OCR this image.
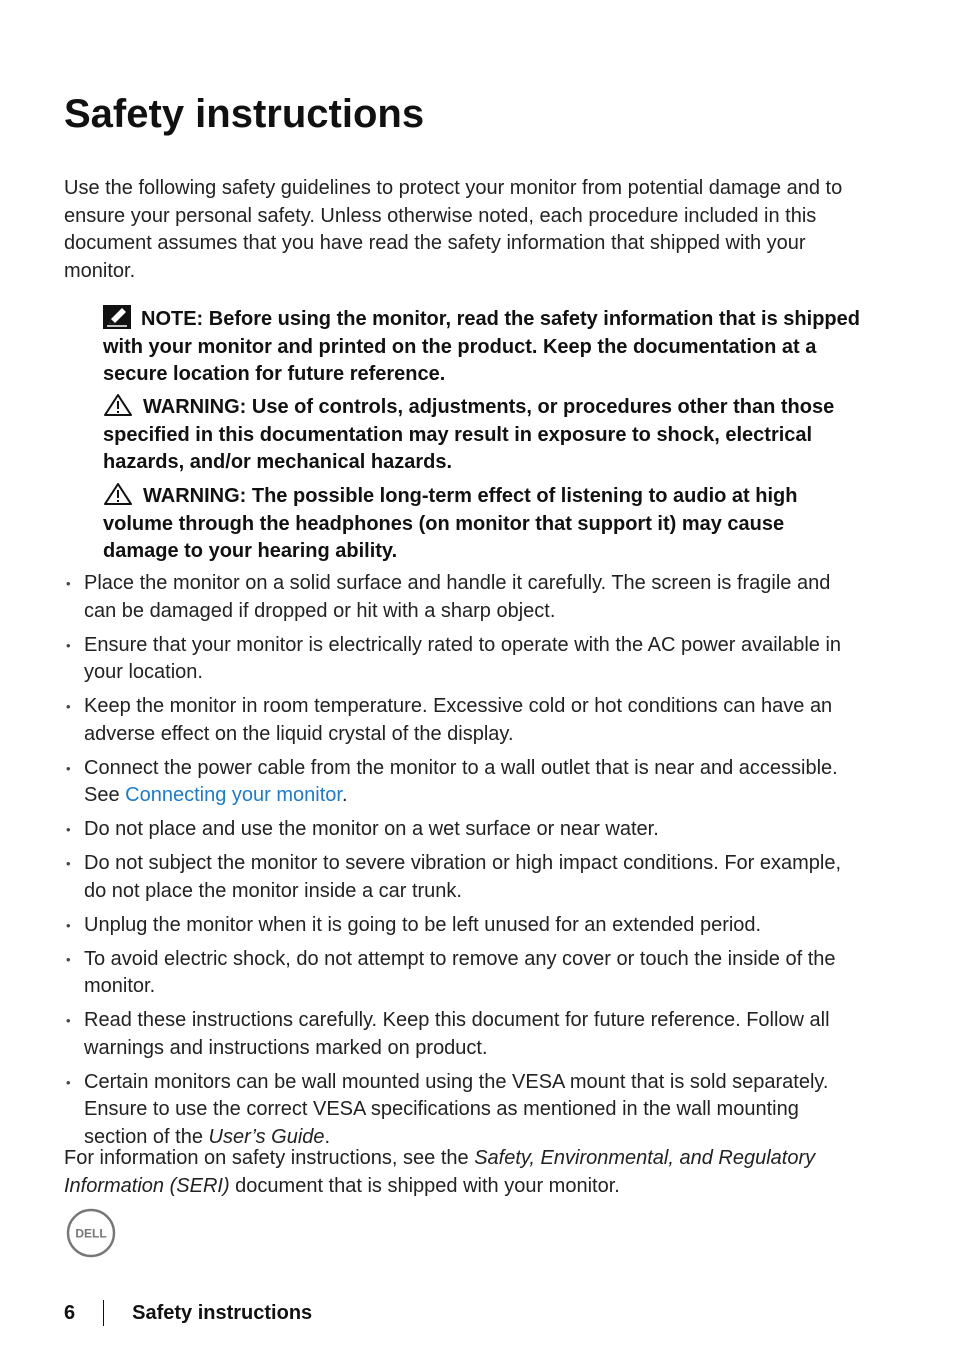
Safety instructions

Use the following safety guidelines to protect your monitor from potential damage and to ensure your personal safety. Unless otherwise noted, each procedure included in this document assumes that you have read the safety information that shipped with your monitor.

NOTE: Before using the monitor, read the safety information that is shipped with your monitor and printed on the product. Keep the documentation at a secure location for future reference.

WARNING: Use of controls, adjustments, or procedures other than those specified in this documentation may result in exposure to shock, electrical hazards, and/or mechanical hazards.

WARNING: The possible long-term effect of listening to audio at high volume through the headphones (on monitor that support it) may cause damage to your hearing ability.

• Place the monitor on a solid surface and handle it carefully. The screen is fragile and can be damaged if dropped or hit with a sharp object.
• Ensure that your monitor is electrically rated to operate with the AC power available in your location.
• Keep the monitor in room temperature. Excessive cold or hot conditions can have an adverse effect on the liquid crystal of the display.
• Connect the power cable from the monitor to a wall outlet that is near and accessible. See Connecting your monitor.
• Do not place and use the monitor on a wet surface or near water.
• Do not subject the monitor to severe vibration or high impact conditions. For example, do not place the monitor inside a car trunk.
• Unplug the monitor when it is going to be left unused for an extended period.
• To avoid electric shock, do not attempt to remove any cover or touch the inside of the monitor.
• Read these instructions carefully. Keep this document for future reference. Follow all warnings and instructions marked on product.
• Certain monitors can be wall mounted using the VESA mount that is sold separately. Ensure to use the correct VESA specifications as mentioned in the wall mounting section of the User’s Guide.

For information on safety instructions, see the Safety, Environmental, and Regulatory Information (SERI) document that is shipped with your monitor.

DELL
6	Safety instructions
